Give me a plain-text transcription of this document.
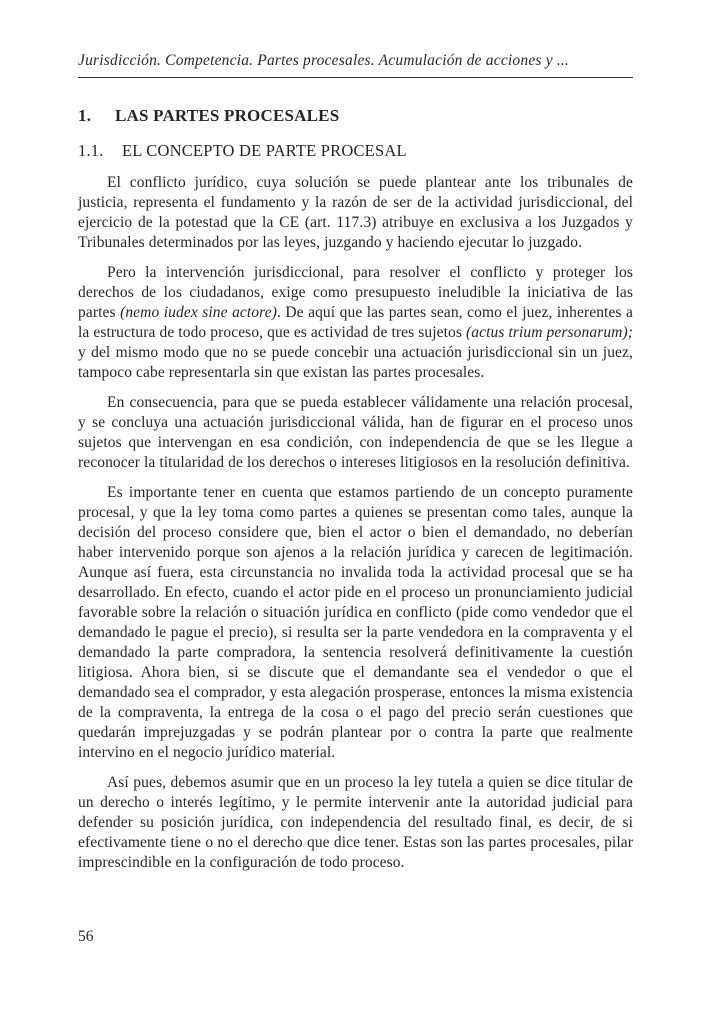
Jurisdicción. Competencia. Partes procesales. Acumulación de acciones y ...
1. LAS PARTES PROCESALES
1.1. EL CONCEPTO DE PARTE PROCESAL

El conflicto jurídico, cuya solución se puede plantear ante los tribunales de justicia, representa el fundamento y la razón de ser de la actividad jurisdiccional, del ejercicio de la potestad que la CE (art. 117.3) atribuye en exclusiva a los Juzgados y Tribunales determinados por las leyes, juzgando y haciendo ejecutar lo juzgado.

Pero la intervención jurisdiccional, para resolver el conflicto y proteger los derechos de los ciudadanos, exige como presupuesto ineludible la iniciativa de las partes (nemo iudex sine actore). De aquí que las partes sean, como el juez, inherentes a la estructura de todo proceso, que es actividad de tres sujetos (actus trium personarum); y del mismo modo que no se puede concebir una actuación jurisdiccional sin un juez, tampoco cabe representarla sin que existan las partes procesales.

En consecuencia, para que se pueda establecer válidamente una relación procesal, y se concluya una actuación jurisdiccional válida, han de figurar en el proceso unos sujetos que intervengan en esa condición, con independencia de que se les llegue a reconocer la titularidad de los derechos o intereses litigiosos en la resolución definitiva.

Es importante tener en cuenta que estamos partiendo de un concepto puramente procesal, y que la ley toma como partes a quienes se presentan como tales, aunque la decisión del proceso considere que, bien el actor o bien el demandado, no deberían haber intervenido porque son ajenos a la relación jurídica y carecen de legitimación. Aunque así fuera, esta circunstancia no invalida toda la actividad procesal que se ha desarrollado. En efecto, cuando el actor pide en el proceso un pronunciamiento judicial favorable sobre la relación o situación jurídica en conflicto (pide como vendedor que el demandado le pague el precio), si resulta ser la parte vendedora en la compraventa y el demandado la parte compradora, la sentencia resolverá definitivamente la cuestión litigiosa. Ahora bien, si se discute que el demandante sea el vendedor o que el demandado sea el comprador, y esta alegación prosperase, entonces la misma existencia de la compraventa, la entrega de la cosa o el pago del precio serán cuestiones que quedarán imprejuzgadas y se podrán plantear por o contra la parte que realmente intervino en el negocio jurídico material.

Así pues, debemos asumir que en un proceso la ley tutela a quien se dice titular de un derecho o interés legítimo, y le permite intervenir ante la autoridad judicial para defender su posición jurídica, con independencia del resultado final, es decir, de si efectivamente tiene o no el derecho que dice tener. Estas son las partes procesales, pilar imprescindible en la configuración de todo proceso.

56
